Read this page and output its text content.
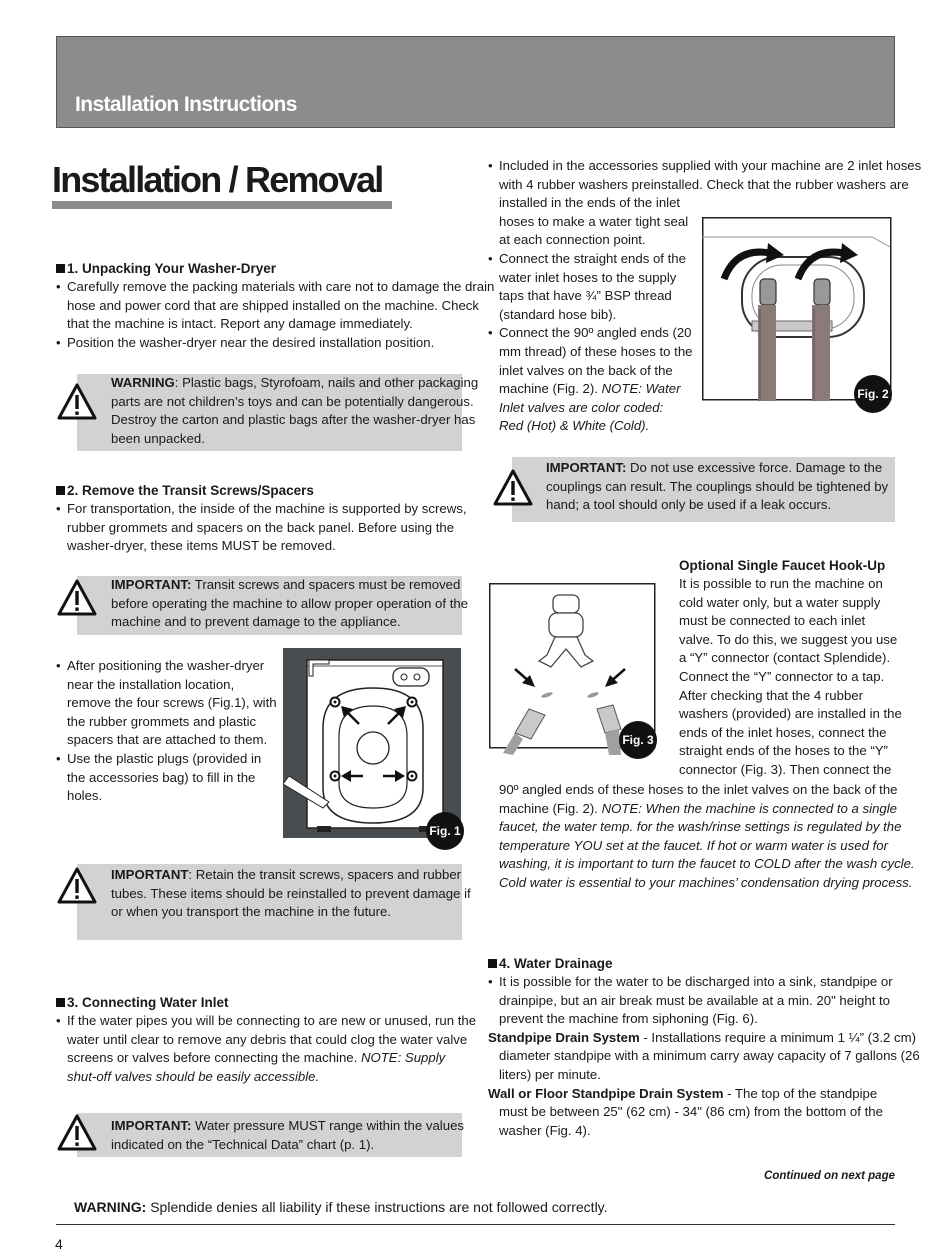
Installation Instructions
Installation / Removal
1. Unpacking Your Washer-Dryer
• Carefully remove the packing materials with care not to damage the drain
hose and power cord that are shipped installed on the machine. Check
that the machine is intact. Report any damage immediately.
• Position the washer-dryer near the desired installation position.
WARNING: Plastic bags, Styrofoam, nails and other packaging
parts are not children’s toys and can be potentially dangerous.
Destroy the carton and plastic bags after the washer-dryer has
been unpacked.
2. Remove the Transit Screws/Spacers
• For transportation, the inside of the machine is supported by screws,
rubber grommets and spacers on the back panel. Before using the
washer-dryer, these items MUST be removed.
IMPORTANT: Transit screws and spacers must be removed
before operating the machine to allow proper operation of the
machine and to prevent damage to the appliance.
• After positioning the washer-dryer
near the installation location,
remove the four screws (Fig.1), with
the rubber grommets and plastic
spacers that are attached to them.
• Use the plastic plugs (provided in
the accessories bag) to fill in the
holes.
Fig. 1
IMPORTANT: Retain the transit screws, spacers and rubber
tubes. These items should be reinstalled to prevent damage if
or when you transport the machine in the future.
3. Connecting Water Inlet
• If the water pipes you will be connecting to are new or unused, run the
water until clear to remove any debris that could clog the water valve
screens or valves before connecting the machine. NOTE: Supply
shut-off valves should be easily accessible.
IMPORTANT: Water pressure MUST range within the values
indicated on the “Technical Data” chart (p. 1).
• Included in the accessories supplied with your machine are 2 inlet hoses
with 4 rubber washers preinstalled. Check that the rubber washers are
installed in the ends of the inlet
hoses to make a water tight seal
at each connection point.
• Connect the straight ends of the
water inlet hoses to the supply
taps that have ¾” BSP thread
(standard hose bib).
• Connect the 90º angled ends (20
mm thread) of these hoses to the
inlet valves on the back of the
machine (Fig. 2). NOTE: Water
Inlet valves are color coded:
Red (Hot) & White (Cold).
Fig. 2
IMPORTANT: Do not use excessive force. Damage to the
couplings can result. The couplings should be tightened by
hand; a tool should only be used if a leak occurs.
Fig. 3
Optional Single Faucet Hook-Up
It is possible to run the machine on
cold water only, but a water supply
must be connected to each inlet
valve. To do this, we suggest you use
a “Y” connector (contact Splendide).
Connect the “Y” connector to a tap.
After checking that the 4 rubber
washers (provided) are installed in the
ends of the inlet hoses, connect the
straight ends of the hoses to the “Y”
connector (Fig. 3). Then connect the
90º angled ends of these hoses to the inlet valves on the back of the
machine (Fig. 2). NOTE: When the machine is connected to a single
faucet, the water temp. for the wash/rinse settings is regulated by the
temperature YOU set at the faucet. If hot or warm water is used for
washing, it is important to turn the faucet to COLD after the wash cycle.
Cold water is essential to your machines’ condensation drying process.
4. Water Drainage
• It is possible for the water to be discharged into a sink, standpipe or
drainpipe, but an air break must be available at a min. 20" height to
prevent the machine from siphoning (Fig. 6).
Standpipe Drain System - Installations require a minimum 1 ¼” (3.2 cm)
diameter standpipe with a minimum carry away capacity of 7 gallons (26
liters) per minute.
Wall or Floor Standpipe Drain System - The top of the standpipe
must be between 25" (62 cm) - 34" (86 cm) from the bottom of the
washer (Fig. 4).
Continued on next page
WARNING: Splendide denies all liability if these instructions are not followed correctly.
4
